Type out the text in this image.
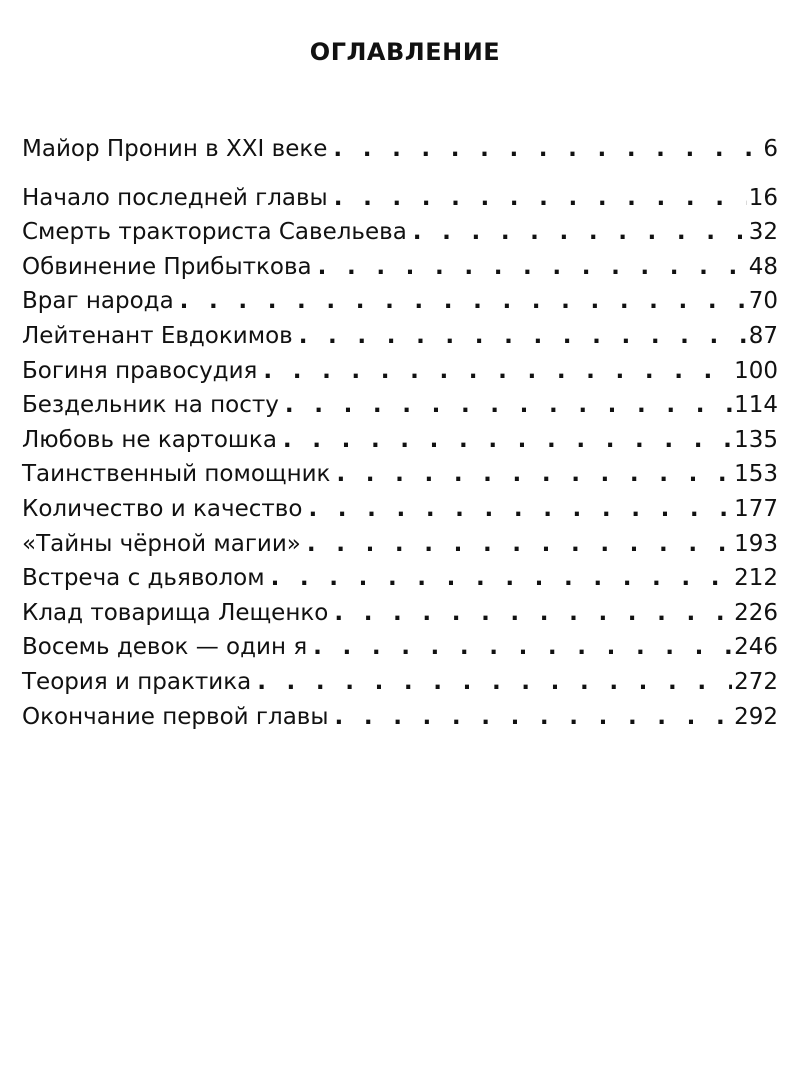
ОГЛАВЛЕНИЕ
Майор Пронин в XXI веке . . .	6
Начало последней главы . . .	16
Смерть тракториста Савельева . . .	32
Обвинение Прибыткова . . .	48
Враг народа . . .	70
Лейтенант Евдокимов . . .	87
Богиня правосудия . . .	100
Бездельник на посту . . .	114
Любовь не картошка . . .	135
Таинственный помощник . . .	153
Количество и качество . . .	177
«Тайны чёрной магии» . . .	193
Встреча с дьяволом . . .	212
Клад товарища Лещенко . . .	226
Восемь девок — один я . . .	246
Теория и практика . . .	272
Окончание первой главы . . .	292
